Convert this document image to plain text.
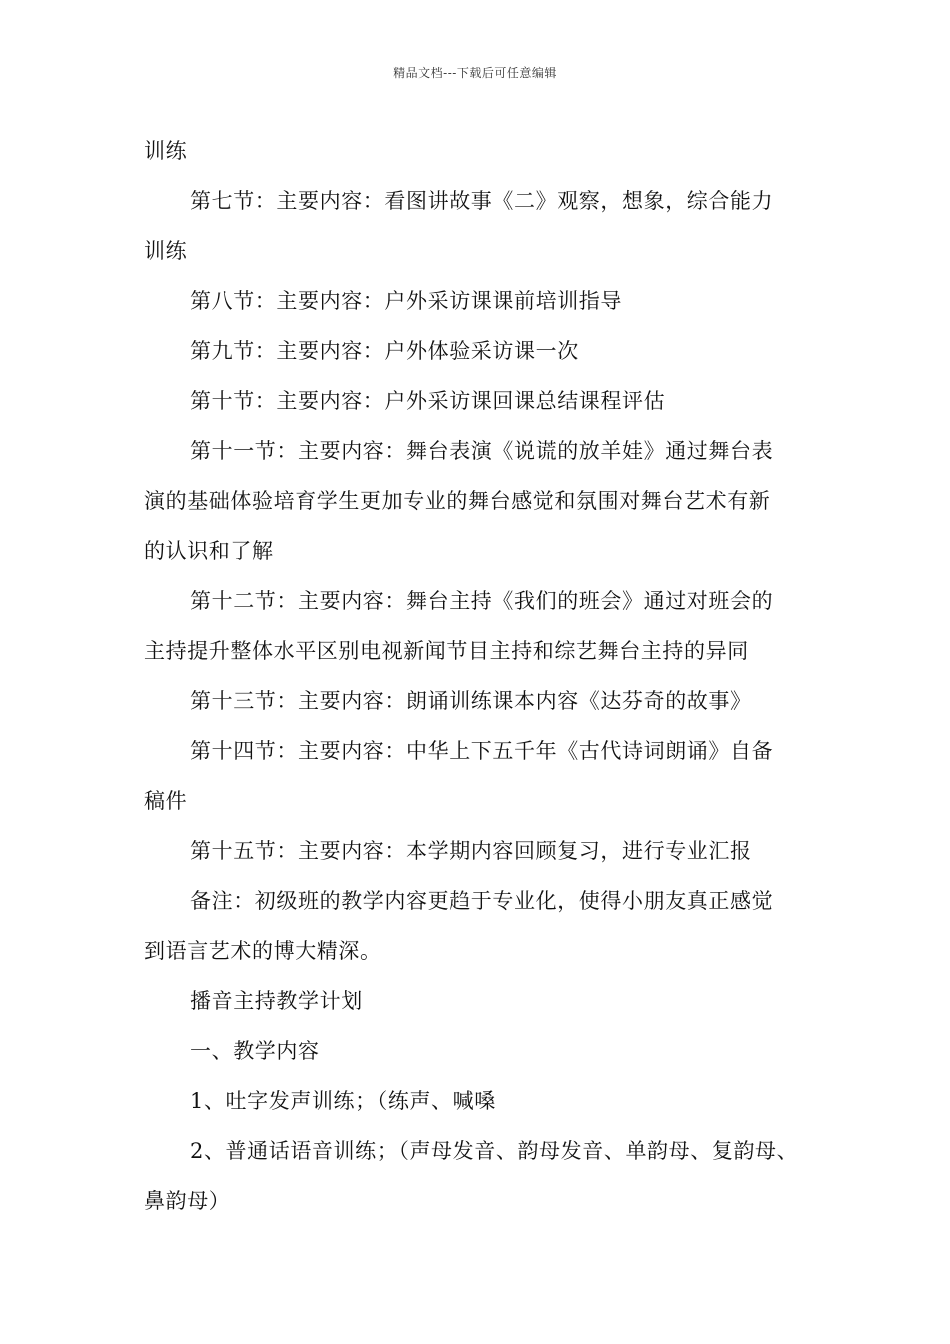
精品文档---下载后可任意编辑

训练

第七节：主要内容：看图讲故事《二》观察，想象，综合能力

训练

第八节：主要内容：户外采访课课前培训指导

第九节：主要内容：户外体验采访课一次

第十节：主要内容：户外采访课回课总结课程评估

第十一节：主要内容：舞台表演《说谎的放羊娃》通过舞台表

演的基础体验培育学生更加专业的舞台感觉和氛围对舞台艺术有新

的认识和了解

第十二节：主要内容：舞台主持《我们的班会》通过对班会的

主持提升整体水平区别电视新闻节目主持和综艺舞台主持的异同

第十三节：主要内容：朗诵训练课本内容《达芬奇的故事》

第十四节：主要内容：中华上下五千年《古代诗词朗诵》自备

稿件

第十五节：主要内容：本学期内容回顾复习，进行专业汇报

备注：初级班的教学内容更趋于专业化，使得小朋友真正感觉

到语言艺术的博大精深。

播音主持教学计划

一、教学内容

1、吐字发声训练；（练声、喊嗓

2、普通话语音训练；（声母发音、韵母发音、单韵母、复韵母、

鼻韵母）
